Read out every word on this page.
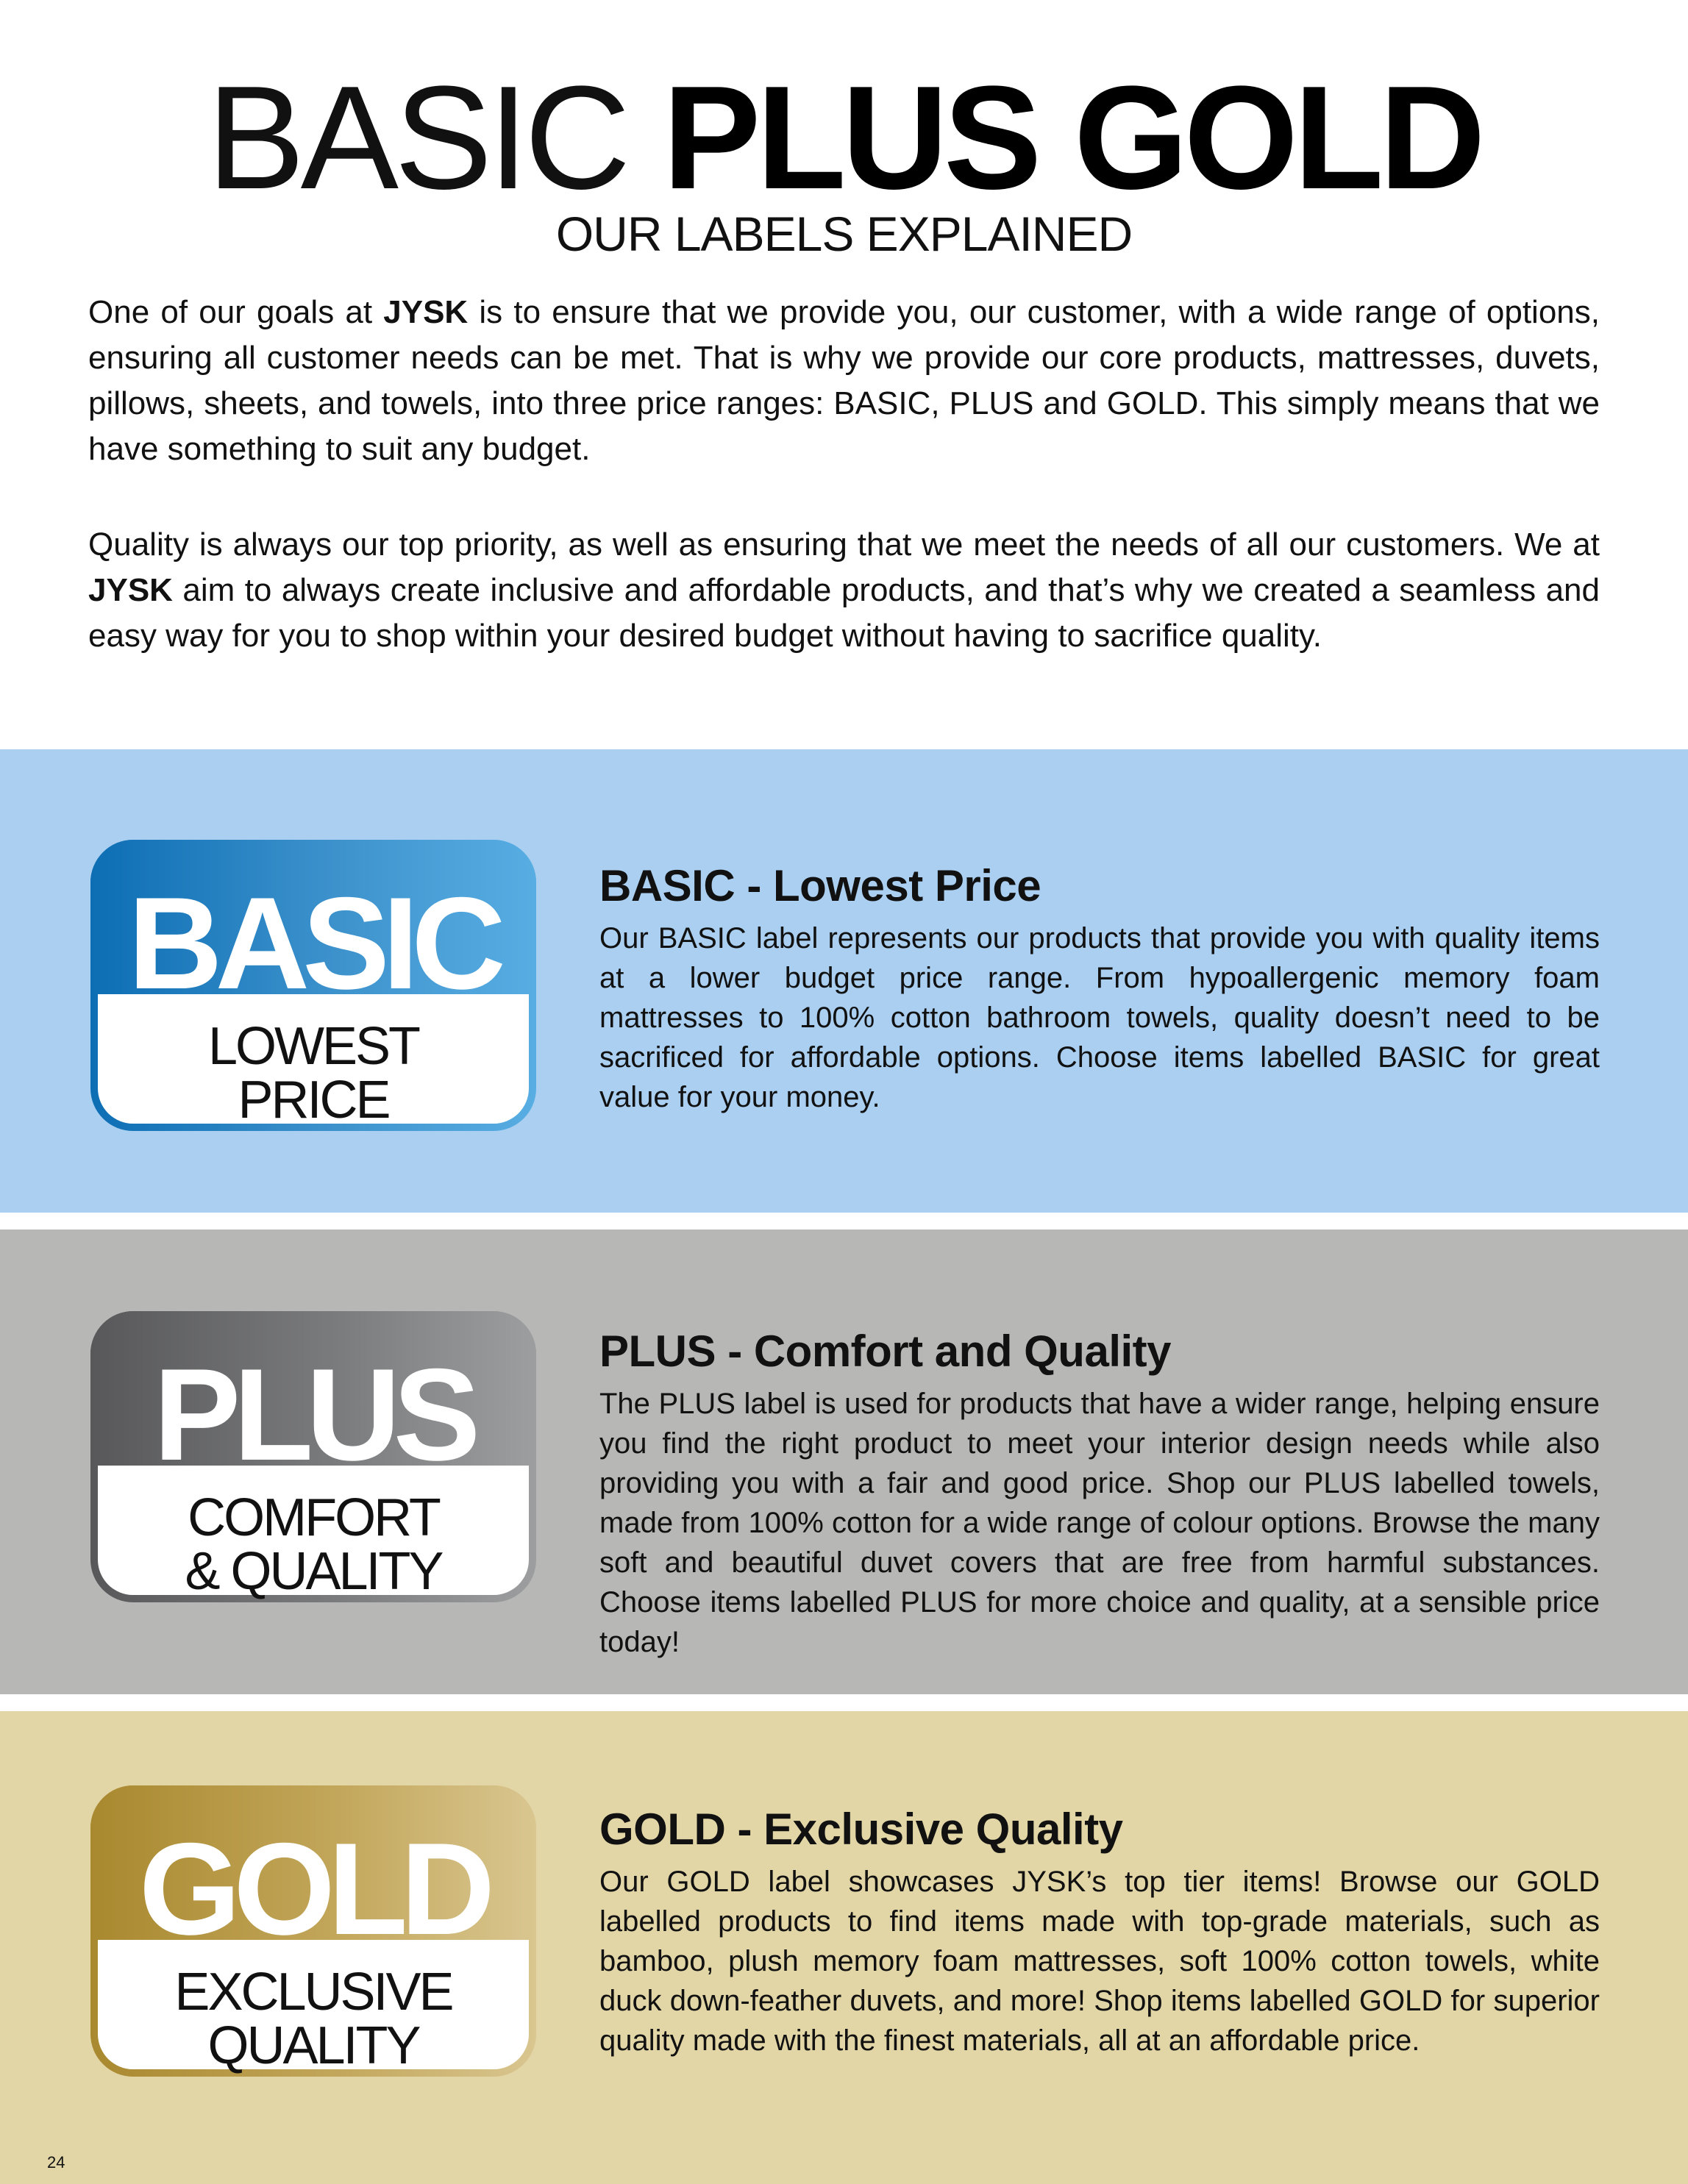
BASIC PLUS GOLD
OUR LABELS EXPLAINED
One of our goals at JYSK is to ensure that we provide you, our customer, with a wide range of options, ensuring all customer needs can be met. That is why we provide our core products, mattresses, duvets, pillows, sheets, and towels, into three price ranges: BASIC, PLUS and GOLD. This simply means that we have something to suit any budget.
Quality is always our top priority, as well as ensuring that we meet the needs of all our customers. We at JYSK aim to always create inclusive and affordable products, and that’s why we created a seamless and easy way for you to shop within your desired budget without having to sacrifice quality.
BASIC
LOWEST
PRICE
BASIC - Lowest Price
Our BASIC label represents our products that provide you with quality items at a lower budget price range. From hypoallergenic memory foam mattresses to 100% cotton bathroom towels, quality doesn’t need to be sacrificed for affordable options. Choose items labelled BASIC for great value for your money.
PLUS
COMFORT
& QUALITY
PLUS - Comfort and Quality
The PLUS label is used for products that have a wider range, helping ensure you find the right product to meet your interior design needs while also providing you with a fair and good price. Shop our PLUS labelled towels, made from 100% cotton for a wide range of colour options. Browse the many soft and beautiful duvet covers that are free from harmful substances. Choose items labelled PLUS for more choice and quality, at a sensible price today!
GOLD
EXCLUSIVE
QUALITY
GOLD - Exclusive Quality
Our GOLD label showcases JYSK’s top tier items! Browse our GOLD labelled products to find items made with top-grade materials, such as bamboo, plush memory foam mattresses, soft 100% cotton towels, white duck down-feather duvets, and more! Shop items labelled GOLD for superior quality made with the finest materials, all at an affordable price.
24
